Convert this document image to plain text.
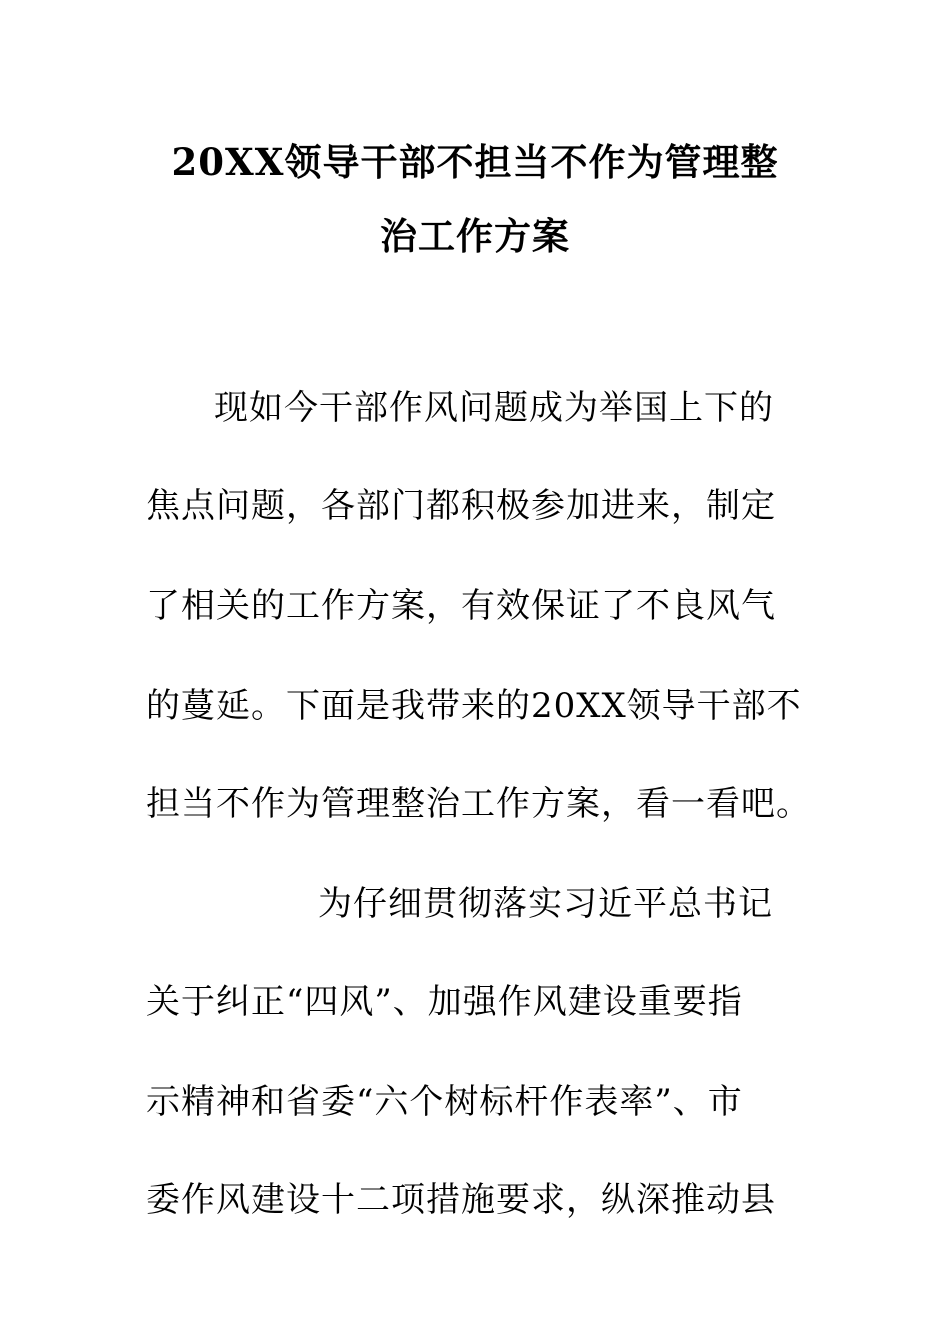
20XX领导干部不担当不作为管理整
治工作方案
现如今干部作风问题成为举国上下的
焦点问题，各部门都积极参加进来，制定
了相关的工作方案，有效保证了不良风气
的蔓延。下面是我带来的20XX领导干部不
担当不作为管理整治工作方案，看一看吧。
为仔细贯彻落实习近平总书记
关于纠正“四风”、加强作风建设重要指
示精神和省委“六个树标杆作表率”、市
委作风建设十二项措施要求，纵深推动县
